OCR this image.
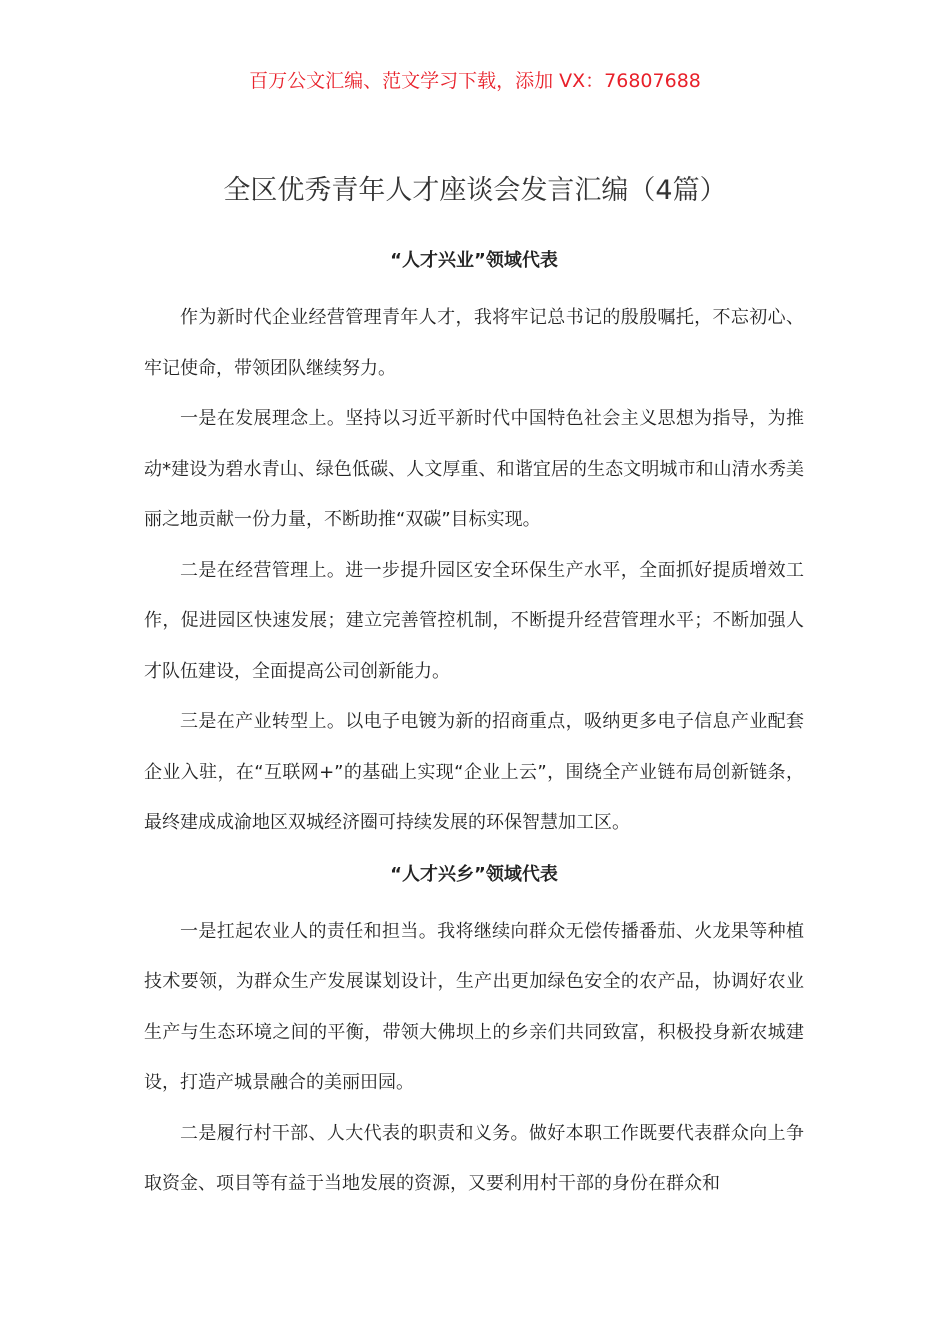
百万公文汇编、范文学习下载，添加 VX：76807688
全区优秀青年人才座谈会发言汇编（4篇）
“人才兴业”领域代表

作为新时代企业经营管理青年人才，我将牢记总书记的殷殷嘱托，不忘初心、牢记使命，带领团队继续努力。

一是在发展理念上。坚持以习近平新时代中国特色社会主义思想为指导，为推动*建设为碧水青山、绿色低碳、人文厚重、和谐宜居的生态文明城市和山清水秀美丽之地贡献一份力量，不断助推“双碳”目标实现。

二是在经营管理上。进一步提升园区安全环保生产水平，全面抓好提质增效工作，促进园区快速发展；建立完善管控机制，不断提升经营管理水平；不断加强人才队伍建设，全面提高公司创新能力。

三是在产业转型上。以电子电镀为新的招商重点，吸纳更多电子信息产业配套企业入驻，在“互联网+”的基础上实现“企业上云”，围绕全产业链布局创新链条，最终建成成渝地区双城经济圈可持续发展的环保智慧加工区。

“人才兴乡”领域代表

一是扛起农业人的责任和担当。我将继续向群众无偿传播番茄、火龙果等种植技术要领，为群众生产发展谋划设计，生产出更加绿色安全的农产品，协调好农业生产与生态环境之间的平衡，带领大佛坝上的乡亲们共同致富，积极投身新农城建设，打造产城景融合的美丽田园。

二是履行村干部、人大代表的职责和义务。做好本职工作既要代表群众向上争取资金、项目等有益于当地发展的资源，又要利用村干部的身份在群众和
